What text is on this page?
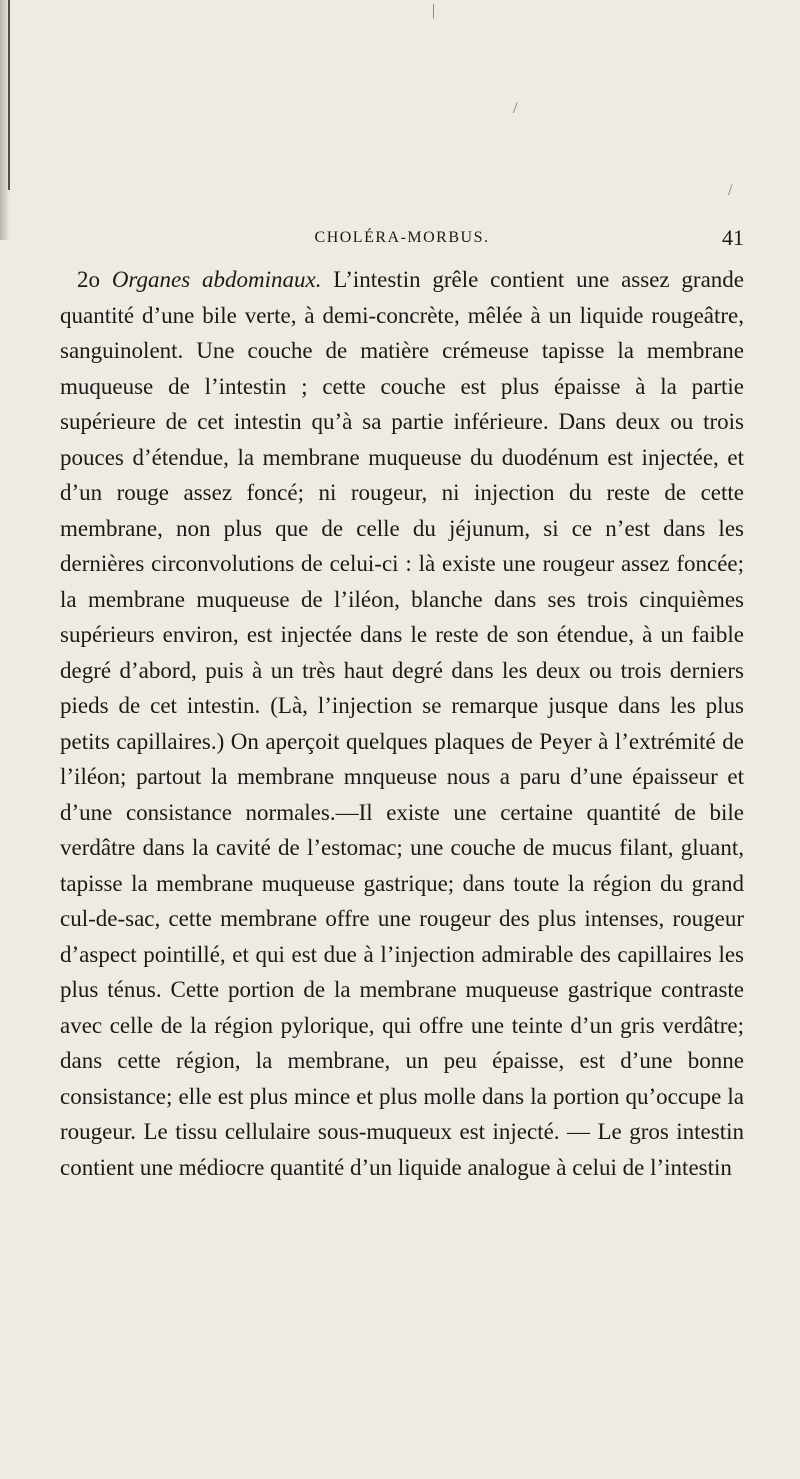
|
/
/
CHOLÉRA-MORBUS.	41

2o Organes abdominaux. L’intestin grêle contient une assez grande quantité d’une bile verte, à demi-concrète, mêlée à un liquide rougeâtre, sanguinolent. Une couche de matière crémeuse tapisse la membrane muqueuse de l’intestin ; cette couche est plus épaisse à la partie supérieure de cet intestin qu’à sa partie inférieure. Dans deux ou trois pouces d’étendue, la membrane muqueuse du duodénum est injectée, et d’un rouge assez foncé; ni rougeur, ni injection du reste de cette membrane, non plus que de celle du jéjunum, si ce n’est dans les dernières circonvolutions de celui-ci : là existe une rougeur assez foncée; la membrane muqueuse de l’iléon, blanche dans ses trois cinquièmes supérieurs environ, est injectée dans le reste de son étendue, à un faible degré d’abord, puis à un très haut degré dans les deux ou trois derniers pieds de cet intestin. (Là, l’injection se remarque jusque dans les plus petits capillaires.) On aperçoit quelques plaques de Peyer à l’extrémité de l’iléon; partout la membrane mnqueuse nous a paru d’une épaisseur et d’une consistance normales.—Il existe une certaine quantité de bile verdâtre dans la cavité de l’estomac; une couche de mucus filant, gluant, tapisse la membrane muqueuse gastrique; dans toute la région du grand cul-de-sac, cette membrane offre une rougeur des plus intenses, rougeur d’aspect pointillé, et qui est due à l’injection admirable des capillaires les plus ténus. Cette portion de la membrane muqueuse gastrique contraste avec celle de la région pylorique, qui offre une teinte d’un gris verdâtre; dans cette région, la membrane, un peu épaisse, est d’une bonne consistance; elle est plus mince et plus molle dans la portion qu’occupe la rougeur. Le tissu cellulaire sous-muqueux est injecté. — Le gros intestin contient une médiocre quantité d’un liquide analogue à celui de l’intestin
